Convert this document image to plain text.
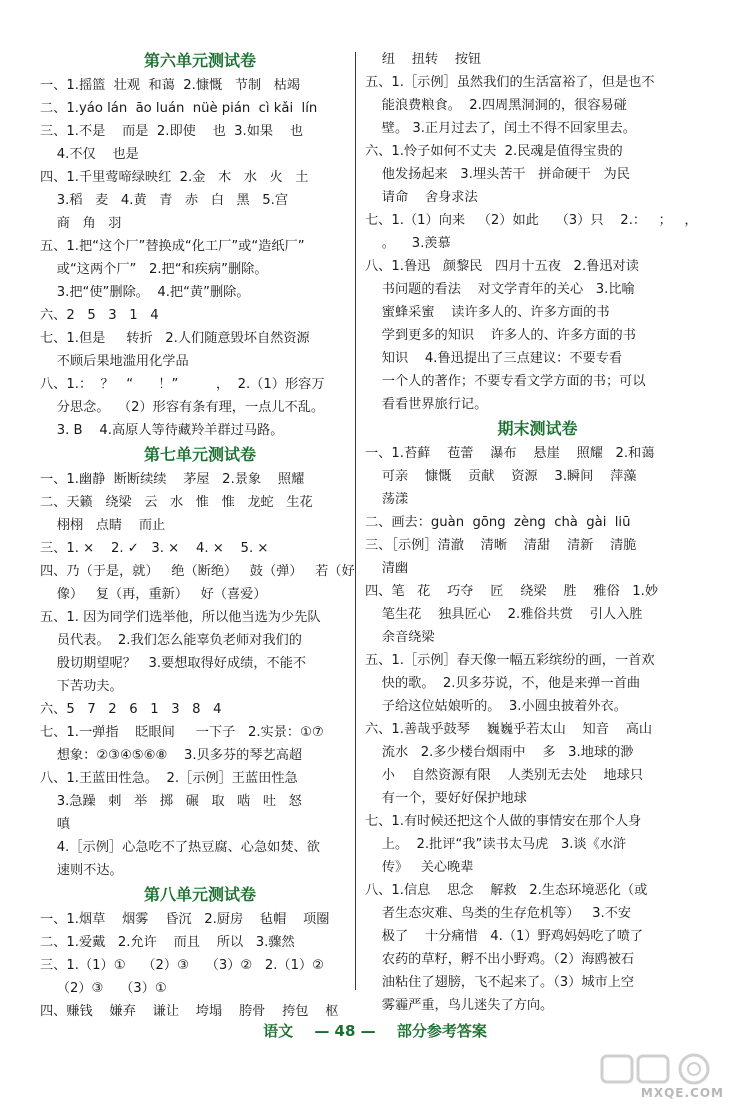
第六单元测试卷
一、1.摇篮  壮观  和蔼  2.慷慨   节制   枯竭
二、1.yáo lán  āo luán  nüè pián  cì kǎi  lín
三、1.不是    而是  2.即使    也  3.如果    也
4.不仅    也是
四、1.千里莺啼绿映红  2.金   木   水   火   土
3.稻   麦   4.黄   青   赤   白   黑   5.宫
商   角   羽
五、1.把“这个厂”替换成“化工厂”或“造纸厂”
或“这两个厂”   2.把“和疾病”删除。
3.把“使”删除。  4.把“黄”删除。
六、2   5   3   1   4
七、1.但是     转折   2.人们随意毁坏自然资源
不顾后果地滥用化学品
八、1.：  ？   “      ！”         ，  2.（1）形容万
分思念。  （2）形容有条有理，一点儿不乱。
3. B    4.高原人等待藏羚羊群过马路。
第七单元测试卷
一、1.幽静  断断续续    茅屋   2.景象    照耀
二、天籁   绕梁   云   水   惟   惟   龙蛇   生花
栩栩   点睛    而止
三、1. ×    2. ✓   3. ×    4. ×    5. ×
四、乃（于是，就）   绝（断绝）   鼓（弹）   若（好
像）   复（再，重新）   好（喜爱）
五、1. 因为同学们选举他，所以他当选为少先队
员代表。  2.我们怎么能辜负老师对我们的
殷切期望呢？   3.要想取得好成绩，不能不
下苦功夫。
六、5   7   2   6   1   3   8   4
七、1.一弹指    眨眼间     一下子   2.实景：①⑦
想象：②③④⑤⑥⑧    3.贝多芬的琴艺高超
八、1.王蓝田性急。  2.［示例］王蓝田性急
3.急躁   刺   举   掷   碾   取   啮   吐   怒
嗔
4.［示例］心急吃不了热豆腐、心急如焚、欲
速则不达。
第八单元测试卷
一、1.烟草    烟雾    昏沉   2.厨房    毡帽    项圈
二、1.爱戴   2.允许    而且    所以   3.骤然
三、1.（1）①    （2）③    （3）②   2.（1）②
（2）③    （3）①
四、赚钱    嫌弃    谦让    垮塌    胯骨    挎包    枢
纽    扭转    按钮
五、1.［示例］虽然我们的生活富裕了，但是也不
能浪费粮食。  2.四周黑洞洞的，很容易碰
壁。 3.正月过去了，闰土不得不回家里去。
六、1.怜子如何不丈夫  2.民魂是值得宝贵的
他发扬起来   3.埋头苦干   拼命硬干   为民
请命    舍身求法
七、1.（1）向来   （2）如此    （3）只    2.：   ；   ，
。    3.羡慕
八、1.鲁迅   颜黎民   四月十五夜   2.鲁迅对读
书问题的看法    对文学青年的关心   3.比喻
蜜蜂采蜜    读许多人的、许多方面的书
学到更多的知识    许多人的、许多方面的书
知识    4.鲁迅提出了三点建议：不要专看
一个人的著作；不要专看文学方面的书；可以
看看世界旅行记。
期末测试卷
一、1.苔藓    苞蕾    瀑布    悬崖    照耀   2.和蔼
可亲    慷慨    贡献    资源    3.瞬间    萍藻
荡漾
二、画去：guàn  gōng  zèng  chà  gài  liū
三、［示例］清澈    清晰    清甜    清新    清脆
清幽
四、笔   花    巧夺    匠    绕梁    胜    雅俗   1.妙
笔生花    独具匠心    2.雅俗共赏    引人入胜
余音绕梁
五、1.［示例］春天像一幅五彩缤纷的画，一首欢
快的歌。  2.贝多芬说，不，他是来弹一首曲
子给这位姑娘听的。  3.小圆虫披着外衣。
六、1.善哉乎鼓琴    巍巍乎若太山    知音    高山
流水   2.多少楼台烟雨中    多   3.地球的渺
小    自然资源有限    人类别无去处    地球只
有一个，要好好保护地球
七、1.有时候还把这个人做的事情安在那个人身
上。  2.批评“我”读书太马虎   3.谈《水浒
传》   关心晚辈
八、1.信息    思念    解救   2.生态环境恶化（或
者生态灾难、鸟类的生存危机等）   3.不安
极了    十分痛惜   4.（1）野鸡妈妈吃了喷了
农药的草籽，孵不出小野鸡。（2）海鸥被石
油粘住了翅膀，飞不起来了。（3）城市上空
雾霾严重，鸟儿迷失了方向。
语文 — 48 — 部分参考答案
MXQE.COM
